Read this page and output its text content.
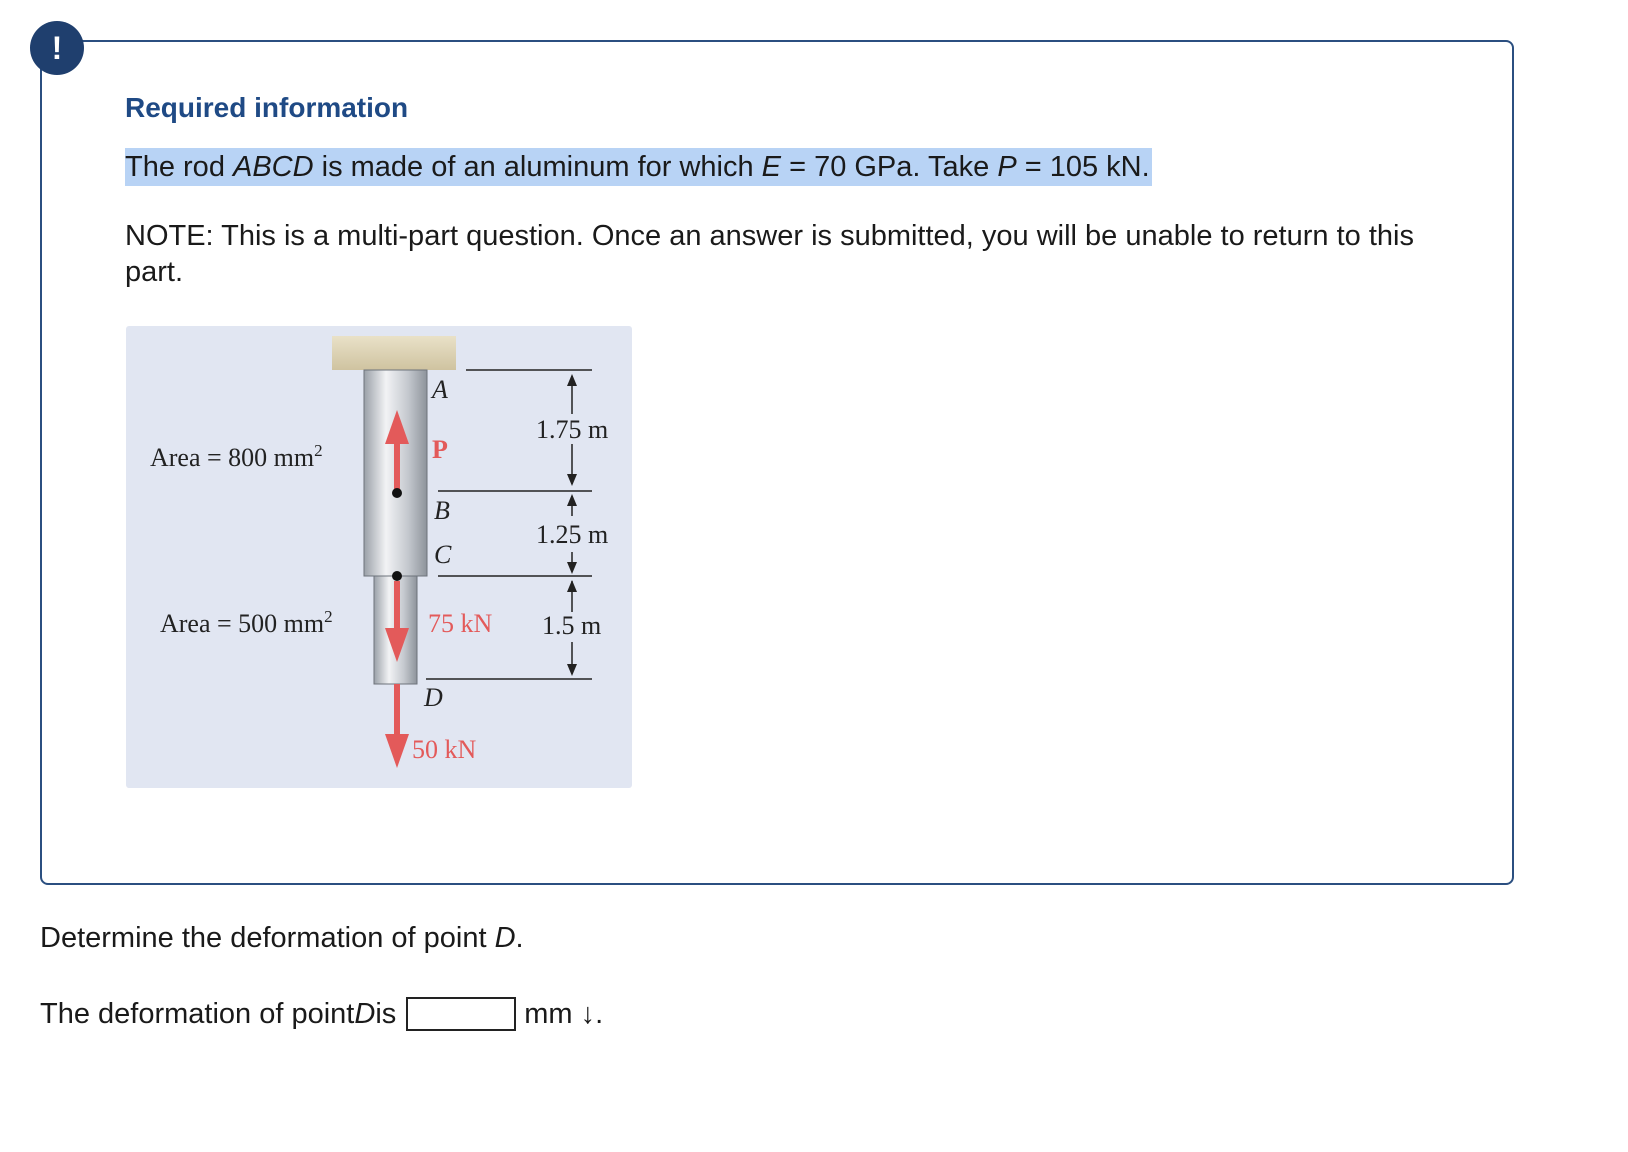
!
Required information
The rod ABCD is made of an aluminum for which E = 70 GPa. Take P = 105 kN.
NOTE: This is a multi-part question. Once an answer is submitted, you will be unable to return to this part.
Area = 800 $mm^2$
Area = 500 $mm^2$
A
P
B
C
D
75 kN
50 kN
1.75 m
1.25 m
1.5 m
Determine the deformation of point D.
The deformation of point D is	mm ↓.
